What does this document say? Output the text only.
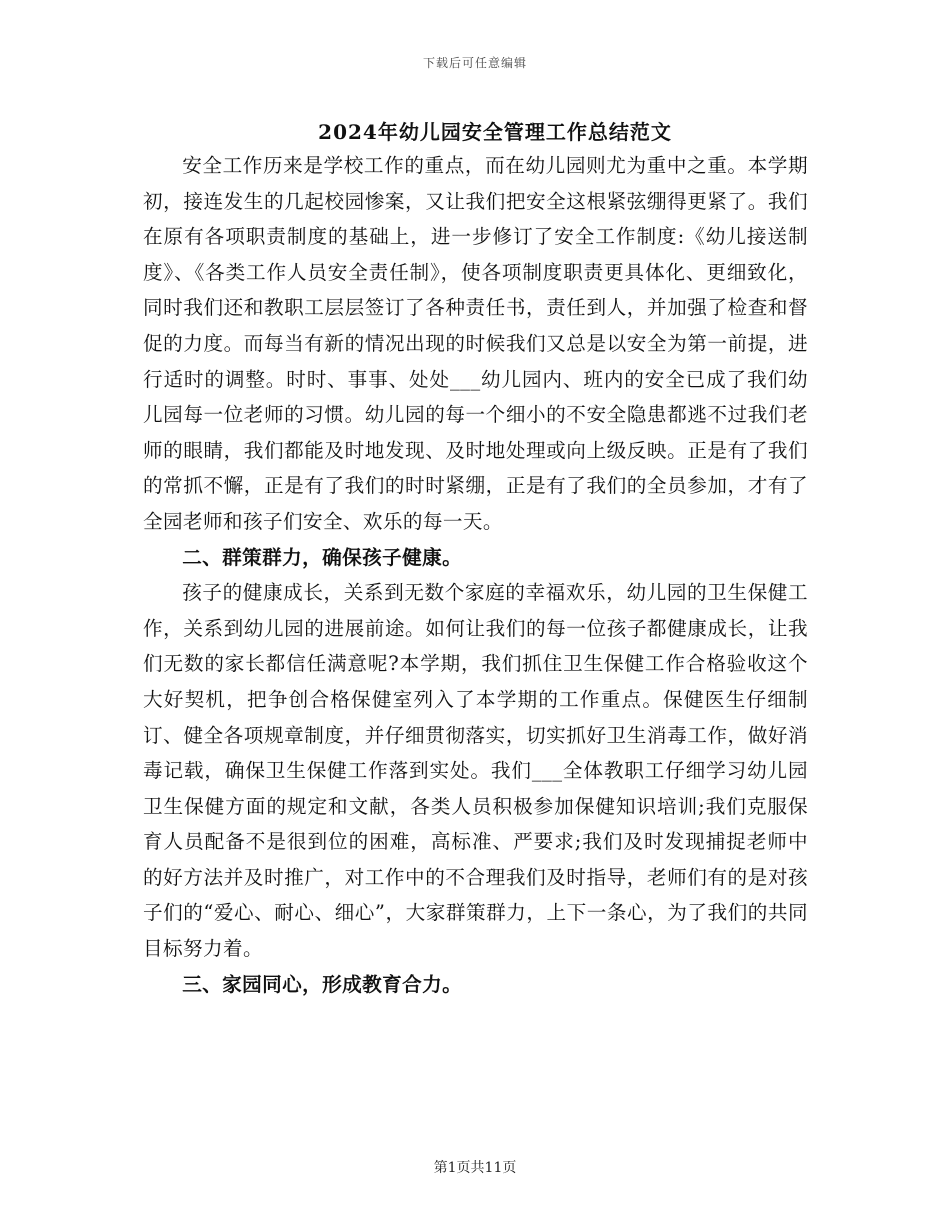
下载后可任意编辑
2024年幼儿园安全管理工作总结范文

安全工作历来是学校工作的重点，而在幼儿园则尤为重中之重。本学期初，接连发生的几起校园惨案，又让我们把安全这根紧弦绷得更紧了。我们在原有各项职责制度的基础上，进一步修订了安全工作制度:《幼儿接送制度》、《各类工作人员安全责任制》，使各项制度职责更具体化、更细致化，同时我们还和教职工层层签订了各种责任书，责任到人，并加强了检查和督促的力度。而每当有新的情况出现的时候我们又总是以安全为第一前提，进行适时的调整。时时、事事、处处___幼儿园内、班内的安全已成了我们幼儿园每一位老师的习惯。幼儿园的每一个细小的不安全隐患都逃不过我们老师的眼睛，我们都能及时地发现、及时地处理或向上级反映。正是有了我们的常抓不懈，正是有了我们的时时紧绷，正是有了我们的全员参加，才有了全园老师和孩子们安全、欢乐的每一天。

二、群策群力，确保孩子健康。

孩子的健康成长，关系到无数个家庭的幸福欢乐，幼儿园的卫生保健工作，关系到幼儿园的进展前途。如何让我们的每一位孩子都健康成长，让我们无数的家长都信任满意呢?本学期，我们抓住卫生保健工作合格验收这个大好契机，把争创合格保健室列入了本学期的工作重点。保健医生仔细制订、健全各项规章制度，并仔细贯彻落实，切实抓好卫生消毒工作，做好消毒记载，确保卫生保健工作落到实处。我们___全体教职工仔细学习幼儿园卫生保健方面的规定和文献，各类人员积极参加保健知识培训;我们克服保育人员配备不是很到位的困难，高标准、严要求;我们及时发现捕捉老师中的好方法并及时推广，对工作中的不合理我们及时指导，老师们有的是对孩子们的“爱心、耐心、细心”，大家群策群力，上下一条心，为了我们的共同目标努力着。

三、家园同心，形成教育合力。

第1页共11页
